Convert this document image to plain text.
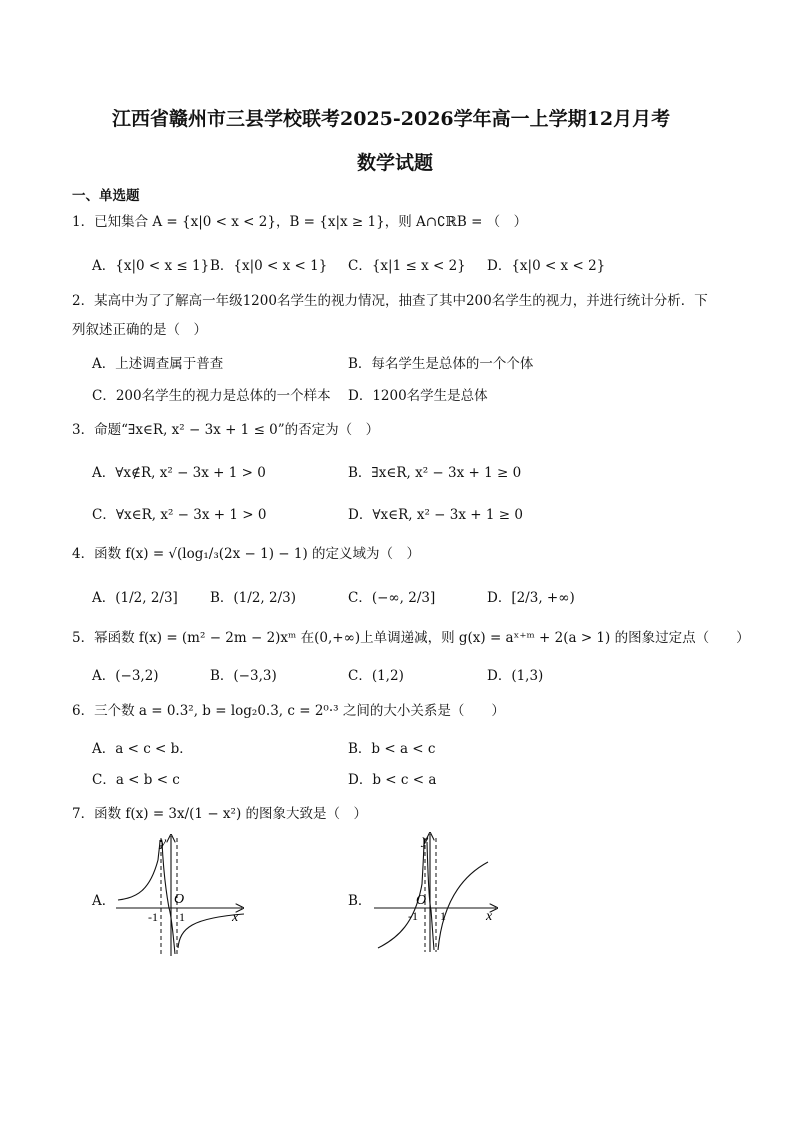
江西省赣州市三县学校联考2025-2026学年高一上学期12月月考
数学试题
一、单选题
1．已知集合 A = {x|0 < x < 2}，B = {x|x ≥ 1}，则 A∩∁ℝB = （　）
A．{x|0 < x ≤ 1} B．{x|0 < x < 1} C．{x|1 ≤ x < 2} D．{x|0 < x < 2}
2．某高中为了了解高一年级1200名学生的视力情况，抽查了其中200名学生的视力，并进行统计分析．下
列叙述正确的是（　）
A．上述调查属于普查	B．每名学生是总体的一个个体
C．200名学生的视力是总体的一个样本 D．1200名学生是总体
3．命题“∃x∈R, x² − 3x + 1 ≤ 0”的否定为（　）
A．∀x∉R, x² − 3x + 1 > 0	B．∃x∈R, x² − 3x + 1 ≥ 0
C．∀x∈R, x² − 3x + 1 > 0	D．∀x∈R, x² − 3x + 1 ≥ 0
4．函数 f(x) = √(log₁/₃(2x − 1) − 1) 的定义域为（　）
A．(1/2, 2/3] B．(1/2, 2/3)	C．(−∞, 2/3]	D．[2/3, +∞)
5．幂函数 f(x) = (m² − 2m − 2)xᵐ 在(0,+∞)上单调递减，则 g(x) = aˣ⁺ᵐ + 2(a > 1) 的图象过定点（　　）
A．(−3,2)	B．(−3,3)	C．(1,2)	D．(1,3)
6．三个数 a = 0.3², b = log₂0.3, c = 2⁰·³ 之间的大小关系是（　　）
A．a < c < b．	B．b < a < c
C．a < b < c	D．b < c < a
7．函数 f(x) = 3x/(1 − x²) 的图象大致是（　）
A．	B．
y
O
-1 1	x
y
O
-1 1	x
